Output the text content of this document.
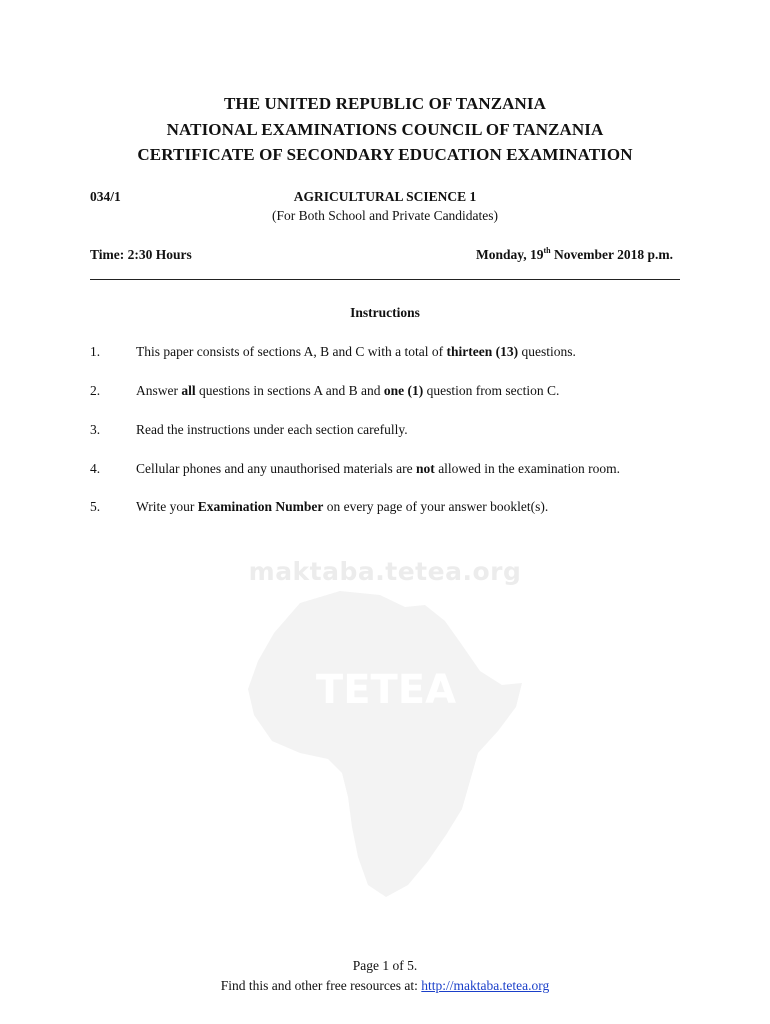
THE UNITED REPUBLIC OF TANZANIA
NATIONAL EXAMINATIONS COUNCIL OF TANZANIA
CERTIFICATE OF SECONDARY EDUCATION EXAMINATION
034/1	AGRICULTURAL SCIENCE 1
(For Both School and Private Candidates)
Time: 2:30 Hours	Monday, 19th November 2018 p.m.
Instructions
1.	This paper consists of sections A, B and C with a total of thirteen (13) questions.
2.	Answer all questions in sections A and B and one (1) question from section C.
3.	Read the instructions under each section carefully.
4.	Cellular phones and any unauthorised materials are not allowed in the examination room.
5.	Write your Examination Number on every page of your answer booklet(s).
maktaba.tetea.org
TETEA
Page 1 of 5.
Find this and other free resources at: http://maktaba.tetea.org
